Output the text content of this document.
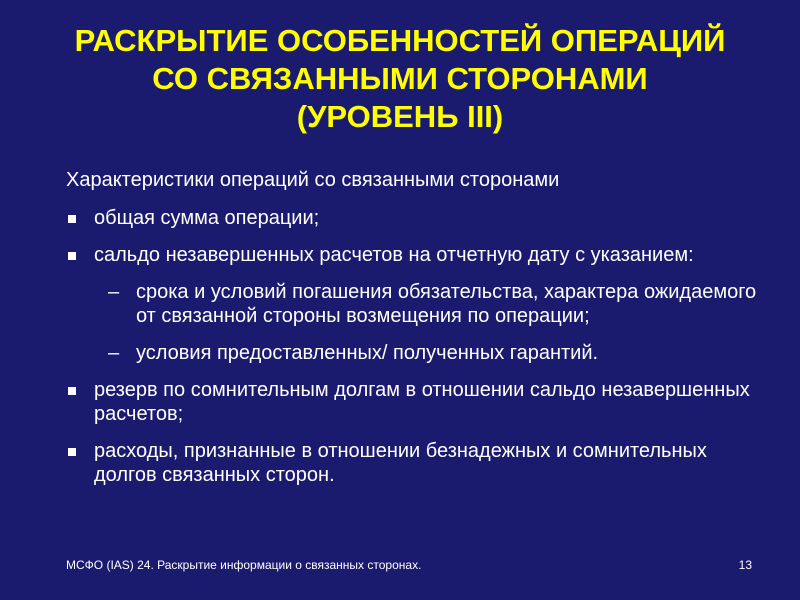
РАСКРЫТИЕ ОСОБЕННОСТЕЙ ОПЕРАЦИЙ
СО СВЯЗАННЫМИ СТОРОНАМИ
(УРОВЕНЬ III)
Характеристики операций со связанными сторонами
общая сумма операции;
сальдо незавершенных расчетов на отчетную дату с указанием:
– срока и условий погашения обязательства, характера ожидаемого от связанной стороны возмещения по операции;
– условия предоставленных/ полученных гарантий.
резерв по сомнительным долгам в отношении сальдо незавершенных расчетов;
расходы, признанные в отношении безнадежных и сомнительных долгов связанных сторон.
МСФО (IAS) 24. Раскрытие информации о связанных сторонах.	13
